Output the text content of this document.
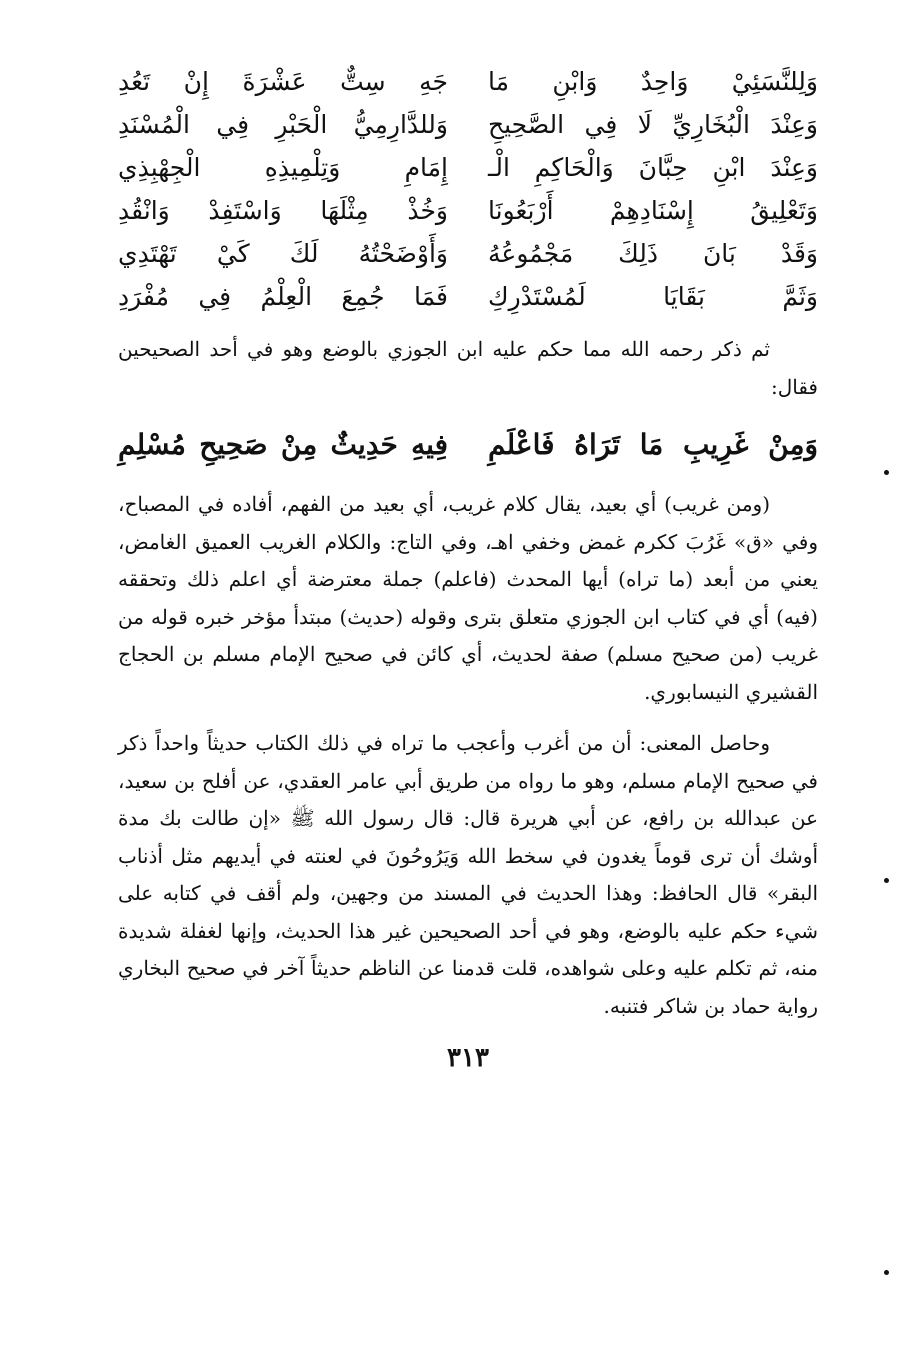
وَلِلنَّسَئِيْ وَاحِدٌ وَابْنِ مَا
جَهِ سِتٌّ عَشْرَةَ إِنْ تَعُدِ
وَعِنْدَ الْبُخَارِيِّ لَا فِي الصَّحِيحِ
وَللدَّارِمِيُّ الْحَبْرِ فِي الْمُسْنَدِ
وَعِنْدَ ابْنِ حِبَّانَ وَالْحَاكِمِ الْـ
إِمَامِ وَتِلْمِيذِهِ الْجِهْبِذِي
وَتَعْلِيقُ إِسْنَادِهِمْ أَرْبَعُونَا
وَخُذْ مِثْلَهَا وَاسْتَفِدْ وَانْقُدِ
وَقَدْ بَانَ ذَلِكَ مَجْمُوعُهُ
وَأَوْضَحْتُهُ لَكَ كَيْ تَهْتَدِي
وَثَمَّ بَقَايَا لَمُسْتَدْرِكِ
فَمَا جُمِعَ الْعِلْمُ فِي مُفْرَدِ
ثم ذكر رحمه الله مما حكم عليه ابن الجوزي بالوضع وهو في أحد الصحيحين فقال:
وَمِنْ غَرِيبِ مَا تَرَاهُ فَاعْلَمِ
فِيهِ حَدِيثٌ مِنْ صَحِيحِ مُسْلِمِ

(ومن غريب) أي بعيد، يقال كلام غريب، أي بعيد من الفهم، أفاده في المصباح، وفي «ق» غَرُبَ ككرم غمض وخفي اهـ، وفي التاج: والكلام الغريب العميق الغامض، يعني من أبعد (ما تراه) أيها المحدث (فاعلم) جملة معترضة أي اعلم ذلك وتحققه (فيه) أي في كتاب ابن الجوزي متعلق بترى وقوله (حديث) مبتدأ مؤخر خبره قوله من غريب (من صحيح مسلم) صفة لحديث، أي كائن في صحيح الإمام مسلم بن الحجاج القشيري النيسابوري.

وحاصل المعنى: أن من أغرب وأعجب ما تراه في ذلك الكتاب حديثاً واحداً ذكر في صحيح الإمام مسلم، وهو ما رواه من طريق أبي عامر العقدي، عن أفلح بن سعيد، عن عبدالله بن رافع، عن أبي هريرة قال: قال رسول الله ﷺ «إن طالت بك مدة أوشك أن ترى قوماً يغدون في سخط الله وَيَرُوحُونَ في لعنته في أيديهم مثل أذناب البقر» قال الحافظ: وهذا الحديث في المسند من وجهين، ولم أقف في كتابه على شيء حكم عليه بالوضع، وهو في أحد الصحيحين غير هذا الحديث، وإنها لغفلة شديدة منه، ثم تكلم عليه وعلى شواهده، قلت قدمنا عن الناظم حديثاً آخر في صحيح البخاري رواية حماد بن شاكر فتنبه.

٣١٣
